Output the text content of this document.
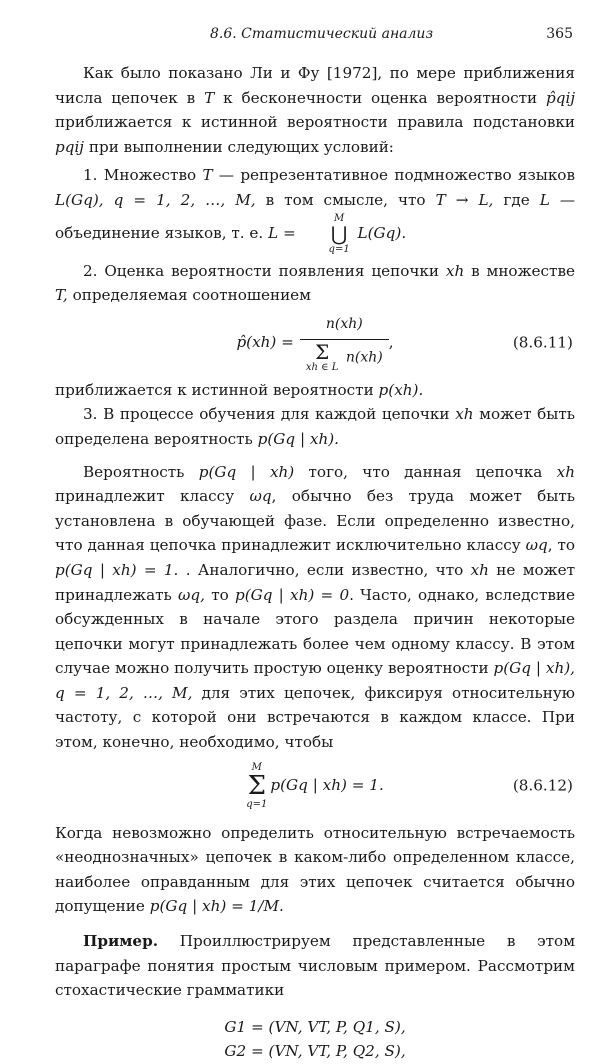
8.6. Статистический анализ	365

Как было показано Ли и Фу [1972], по мере приближения числа цепочек в T к бесконечности оценка вероятности p̂qij приближается к истинной вероятности правила подстановки pqij при выполнении следующих условий:

1. Множество T — репрезентативное подмножество языков L(Gq), q = 1, 2, …, M, в том смысле, что T → L, где L — объединение языков, т. е. L =
M
⋃
q=1
L(Gq).

2. Оценка вероятности появления цепочки xh в множестве T, определяемая соотношением

p̂(xh) = n(xh)
Σ
xh ∈ L
n(xh) ,	(8.6.11)

приближается к истинной вероятности p(xh).

3. В процессе обучения для каждой цепочки xh может быть определена вероятность p(Gq | xh).

Вероятность p(Gq | xh) того, что данная цепочка xh принадлежит классу ωq, обычно без труда может быть установлена в обучающей фазе. Если определенно известно, что данная цепочка принадлежит исключительно классу ωq, то p(Gq | xh) = 1. . Аналогично, если известно, что xh не может принадлежать ωq, то p(Gq | xh) = 0. Часто, однако, вследствие обсужденных в начале этого раздела причин некоторые цепочки могут принадлежать более чем одному классу. В этом случае можно получить простую оценку вероятности p(Gq | xh), q = 1, 2, …, M, для этих цепочек, фиксируя относительную частоту, с которой они встречаются в каждом классе. При этом, конечно, необходимо, чтобы

M
Σ
q=1
p(Gq | xh) = 1.	(8.6.12)

Когда невозможно определить относительную встречаемость «неоднозначных» цепочек в каком-либо определенном классе, наиболее оправданным для этих цепочек считается обычно допущение p(Gq | xh) = 1/M.

Пример. Проиллюстрируем представленные в этом параграфе понятия простым числовым примером. Рассмотрим стохастические грамматики

G1 = (VN, VT, P, Q1, S),

G2 = (VN, VT, P, Q2, S),
